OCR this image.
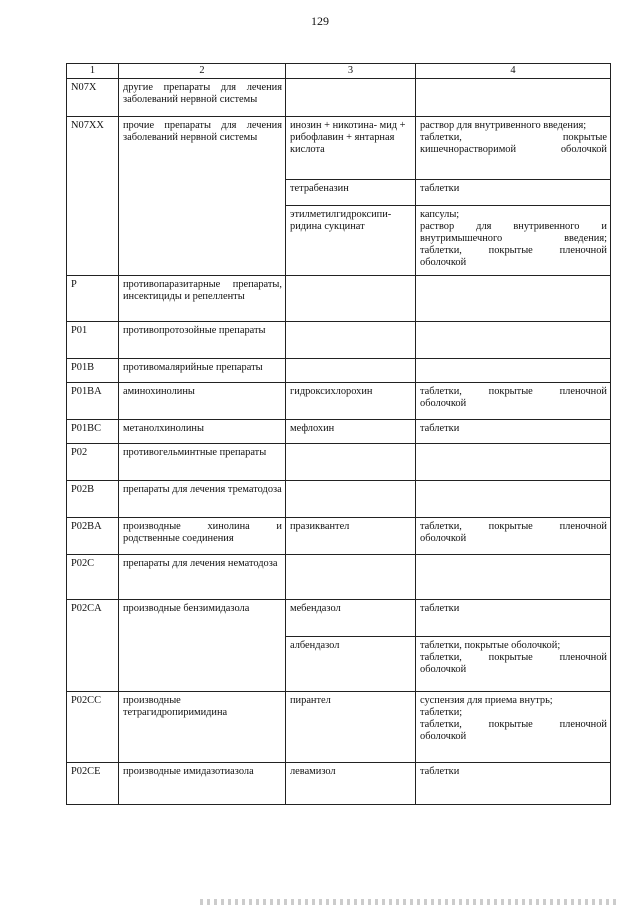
129
1	2	3	4
N07X	другие препараты для лечения заболеваний нервной системы		
N07XX	прочие препараты для лечения заболеваний нервной системы	инозин + никотина- мид + рибофлавин + янтарная кислота	раствор для внутривенного введения;
таблетки, покрытые кишечнорастворимой оболочкой

		тетрабеназин	таблетки

		этилметилгидроксипи- ридина сукцинат	капсулы;
раствор для внутривенного и внутримышечного введения;
таблетки, покрытые пленочной оболочкой

P	противопаразитарные препараты, инсектициды и репелленты		
P01	противопротозойные препараты		
P01B	противомалярийные препараты		
P01BA	аминохинолины	гидроксихлорохин	таблетки, покрытые пленочной оболочкой

P01BC	метанолхинолины	мефлохин	таблетки

P02	противогельминтные препараты		
P02B	препараты для лечения трематодоза		
P02BA	производные хинолина и родственные соединения	празиквантел	таблетки, покрытые пленочной оболочкой

P02C	препараты для лечения нематодоза		
P02CA	производные бензимидазола	мебендазол	таблетки

		албендазол	таблетки, покрытые оболочкой;
таблетки, покрытые пленочной оболочкой

P02CC	производные тетрагидропиримидина	пирантел	суспензия для приема внутрь;
таблетки;
таблетки, покрытые пленочной оболочкой

P02CE	производные имидазотиазола	левамизол	таблетки
